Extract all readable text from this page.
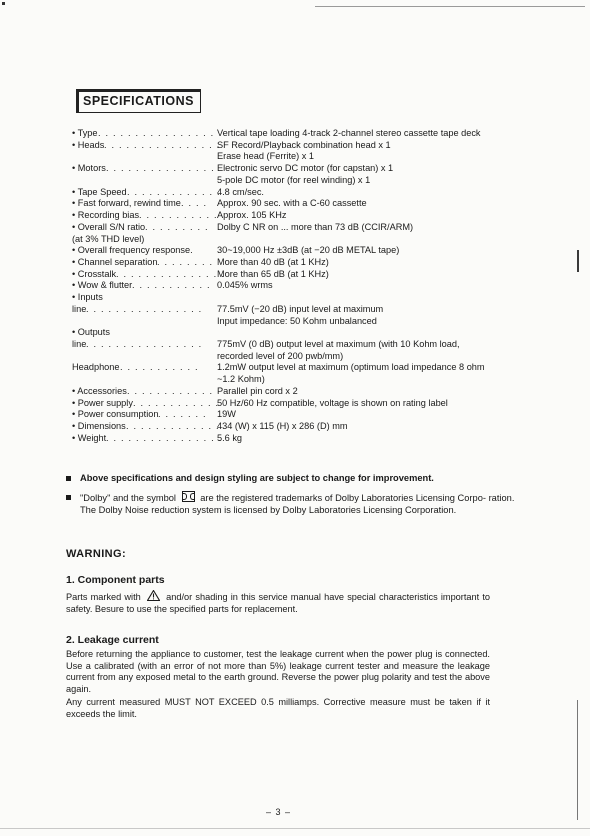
SPECIFICATIONS
• Type . . . . . . . . . . . . . . . . Vertical tape loading 4-track 2-channel stereo cassette tape deck
• Heads . . . . . . . . . . . . . . . .
SF Record/Playback combination head x 1
Erase head (Ferrite) x 1
• Motors . . . . . . . . . . . . . . . Electronic servo DC motor (for capstan) x 1
5-pole DC motor (for reel winding) x 1
• Tape Speed . . . . . . . . . . . . .
4.8 cm/sec.
• Fast forward, rewind time . . . . Approx. 90 sec. with a C-60 cassette
• Recording bias . . . . . . . . . . . Approx. 105 KHz
• Overall S/N ratio . . . . . . . . . Dolby C NR on ... more than 73 dB (CCIR/ARM)
(at 3% THD level)
• Overall frequency response.	30~19,000 Hz ±3dB (at −20 dB METAL tape)
• Channel separation . . . . . . . . More than 40 dB (at 1 KHz)
• Crosstalk . . . . . . . . . . . . . . .
More than 65 dB (at 1 KHz)
• Wow & flutter . . . . . . . . . . . 0.045% wrms
• Inputs
line . . . . . . . . . . . . . . . . 77.5mV (−20 dB) input level at maximum
Input impedance: 50 Kohm unbalanced
• Outputs
line . . . . . . . . . . . . . . . . 775mV (0 dB) output level at maximum (with 10 Kohm load,
recorded level of 200 pwb/mm)
Headphone . . . . . . . . . . . 1.2mW output level at maximum (optimum load impedance 8 ohm
~1.2 Kohm)
• Accessories . . . . . . . . . . . . Parallel pin cord x 2
• Power supply . . . . . . . . . . . .
50 Hz/60 Hz compatible, voltage is shown on rating label
• Power consumption . . . . . . . 19W
• Dimensions . . . . . . . . . . . . .
434 (W) x 115 (H) x 286 (D) mm
• Weight . . . . . . . . . . . . . . . .
5.6 kg
Above specifications and design styling are subject to change for improvement.
"Dolby" and the symbol	are the registered trademarks of Dolby Laboratories Licensing Corpo- ration. The Dolby Noise reduction system is licensed by Dolby Laboratories Licensing Corporation.
WARNING:
1. Component parts
Parts marked with	and/or shading in this service manual have special characteristics important to safety. Besure to use the specified parts for replacement.
2. Leakage current
Before returning the appliance to customer, test the leakage current when the power plug is connected. Use a calibrated (with an error of not more than 5%) leakage current tester and measure the leakage current from any exposed metal to the earth ground. Reverse the power plug polarity and test the above again.
Any current measured MUST NOT EXCEED 0.5 milliamps. Corrective measure must be taken if it exceeds the limit.
– 3 –
